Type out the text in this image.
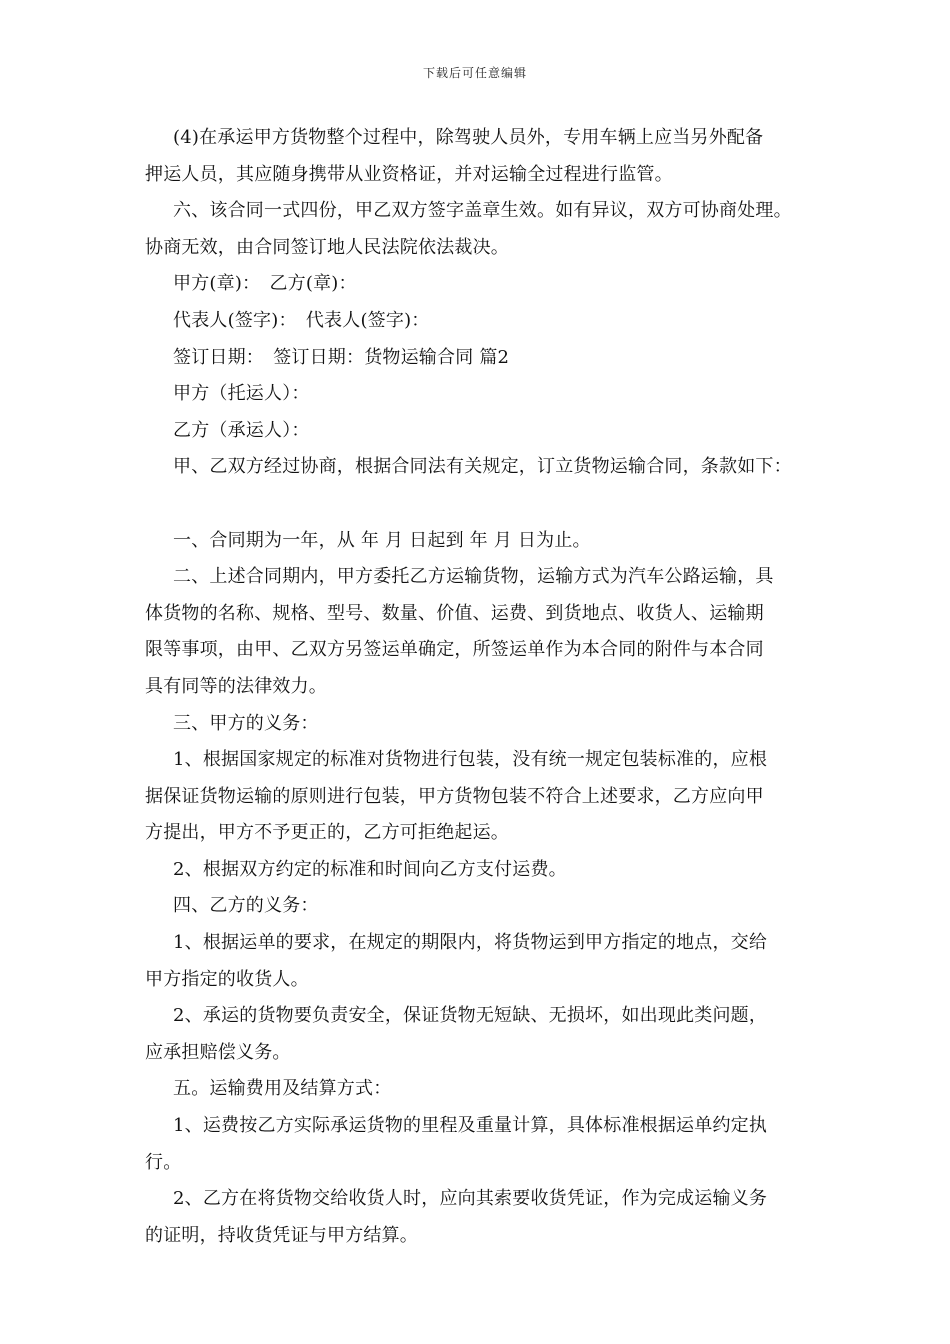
下载后可任意编辑
(4)在承运甲方货物整个过程中，除驾驶人员外，专用车辆上应当另外配备
押运人员，其应随身携带从业资格证，并对运输全过程进行监管。
六、该合同一式四份，甲乙双方签字盖章生效。如有异议，双方可协商处理。
协商无效，由合同签订地人民法院依法裁决。
甲方(章)：　乙方(章)：
代表人(签字)：　代表人(签字)：
签订日期：　签订日期：货物运输合同 篇2
甲方（托运人）：
乙方（承运人）：
甲、乙双方经过协商，根据合同法有关规定，订立货物运输合同，条款如下：
一、合同期为一年，从 年 月 日起到 年 月 日为止。
二、上述合同期内，甲方委托乙方运输货物，运输方式为汽车公路运输，具
体货物的名称、规格、型号、数量、价值、运费、到货地点、收货人、运输期
限等事项，由甲、乙双方另签运单确定，所签运单作为本合同的附件与本合同
具有同等的法律效力。
三、甲方的义务：
1、根据国家规定的标准对货物进行包装，没有统一规定包装标准的，应根
据保证货物运输的原则进行包装，甲方货物包装不符合上述要求，乙方应向甲
方提出，甲方不予更正的，乙方可拒绝起运。
2、根据双方约定的标准和时间向乙方支付运费。
四、乙方的义务：
1、根据运单的要求，在规定的期限内，将货物运到甲方指定的地点，交给
甲方指定的收货人。
2、承运的货物要负责安全，保证货物无短缺、无损坏，如出现此类问题，
应承担赔偿义务。
五。运输费用及结算方式：
1、运费按乙方实际承运货物的里程及重量计算，具体标准根据运单约定执
行。
2、乙方在将货物交给收货人时，应向其索要收货凭证，作为完成运输义务
的证明，持收货凭证与甲方结算。
